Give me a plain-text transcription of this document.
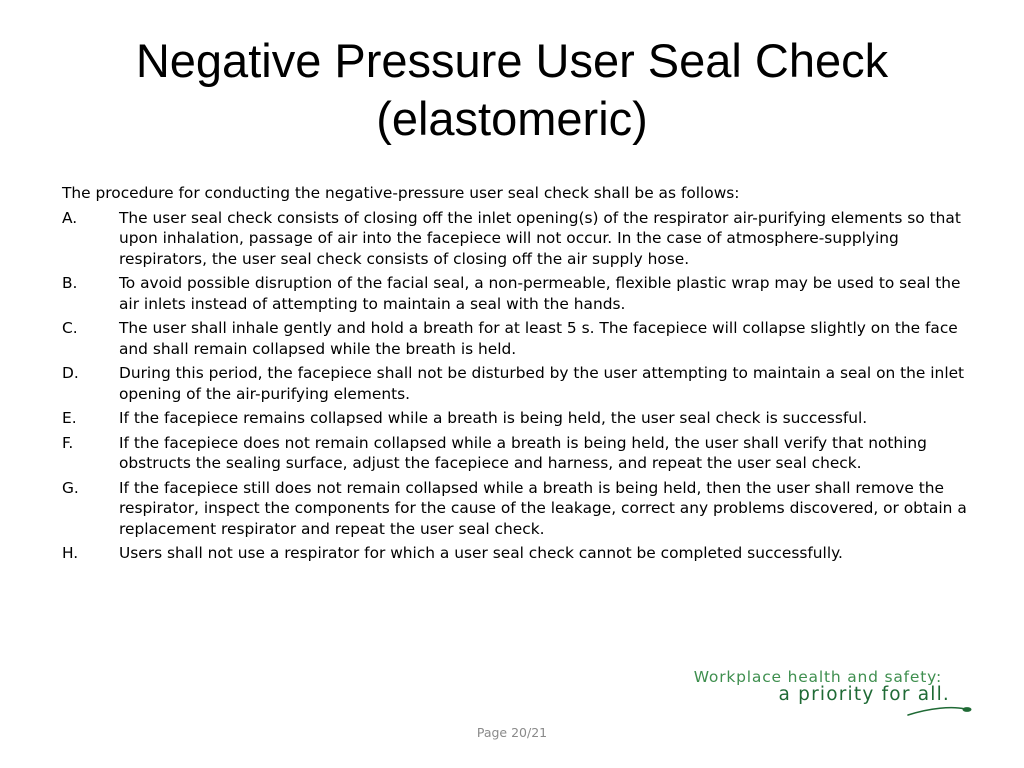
Negative Pressure User Seal Check
(elastomeric)

The procedure for conducting the negative-pressure user seal check shall be as follows:

A.	The user seal check consists of closing off the inlet opening(s) of the respirator air-purifying elements so that upon inhalation, passage of air into the facepiece will not occur. In the case of atmosphere-supplying respirators, the user seal check consists of closing off the air supply hose.
B.	To avoid possible disruption of the facial seal, a non-permeable, flexible plastic wrap may be used to seal the air inlets instead of attempting to maintain a seal with the hands.
C.	The user shall inhale gently and hold a breath for at least 5 s. The facepiece will collapse slightly on the face and shall remain collapsed while the breath is held.
D.	During this period, the facepiece shall not be disturbed by the user attempting to maintain a seal on the inlet opening of the air-purifying elements.
E.	If the facepiece remains collapsed while a breath is being held, the user seal check is successful.
F.	If the facepiece does not remain collapsed while a breath is being held, the user shall verify that nothing obstructs the sealing surface, adjust the facepiece and harness, and repeat the user seal check.
G.	If the facepiece still does not remain collapsed while a breath is being held, then the user shall remove the respirator, inspect the components for the cause of the leakage, correct any problems discovered, or obtain a replacement respirator and repeat the user seal check.
H.	Users shall not use a respirator for which a user seal check cannot be completed successfully.
Workplace health and safety:
a priority for all.
Page 20/21
